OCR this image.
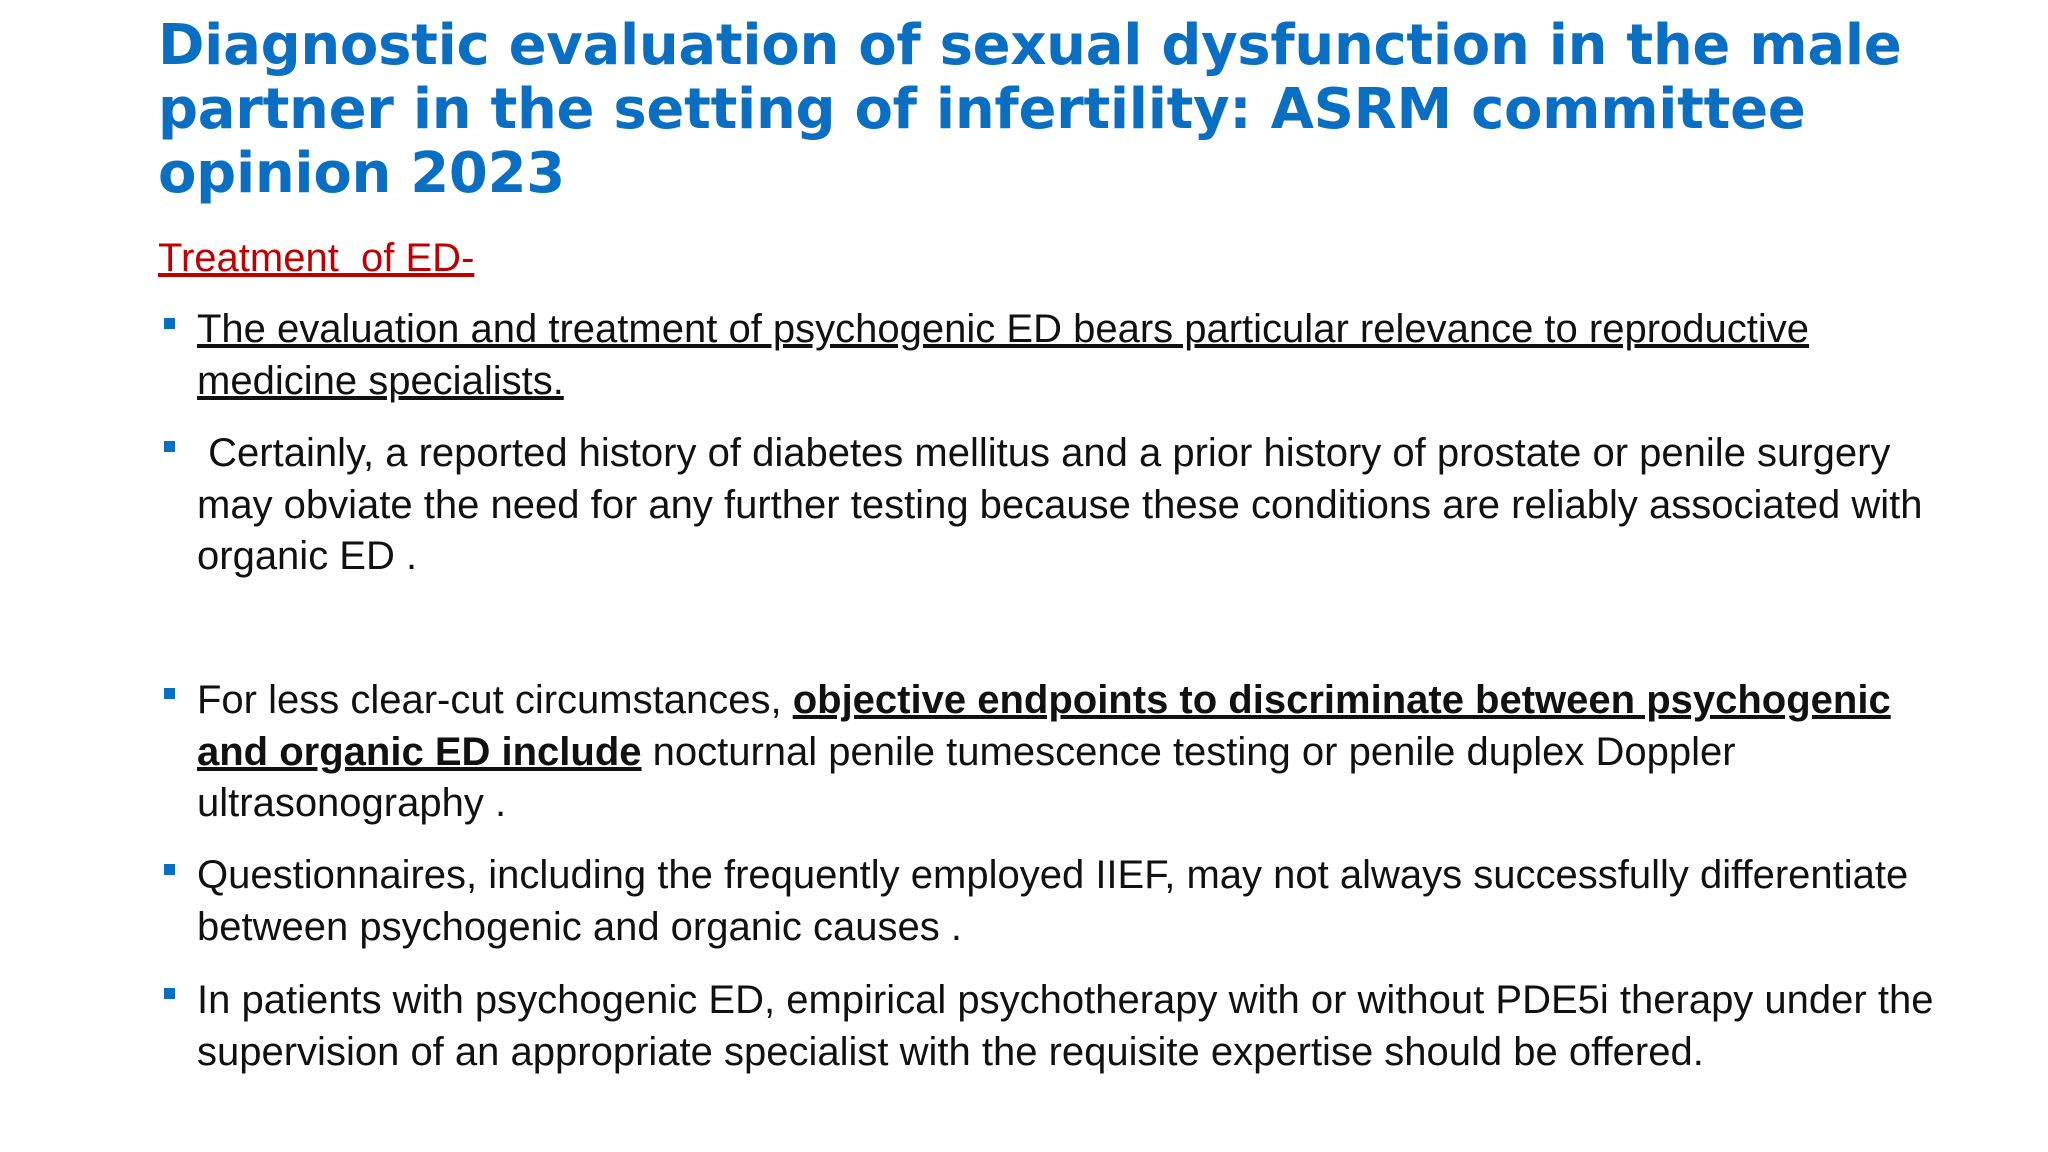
Diagnostic evaluation of sexual dysfunction in the male partner in the setting of infertility: ASRM committee opinion 2023
Treatment  of ED-

The evaluation and treatment of psychogenic ED bears particular relevance to reproductive medicine specialists.

Certainly, a reported history of diabetes mellitus and a prior history of prostate or penile surgery may obviate the need for any further testing because these conditions are reliably associated with organic ED .

For less clear-cut circumstances, objective endpoints to discriminate between psychogenic and organic ED include nocturnal penile tumescence testing or penile duplex Doppler ultrasonography .

Questionnaires, including the frequently employed IIEF, may not always successfully differentiate between psychogenic and organic causes .

In patients with psychogenic ED, empirical psychotherapy with or without PDE5i therapy under the supervision of an appropriate specialist with the requisite expertise should be offered.
